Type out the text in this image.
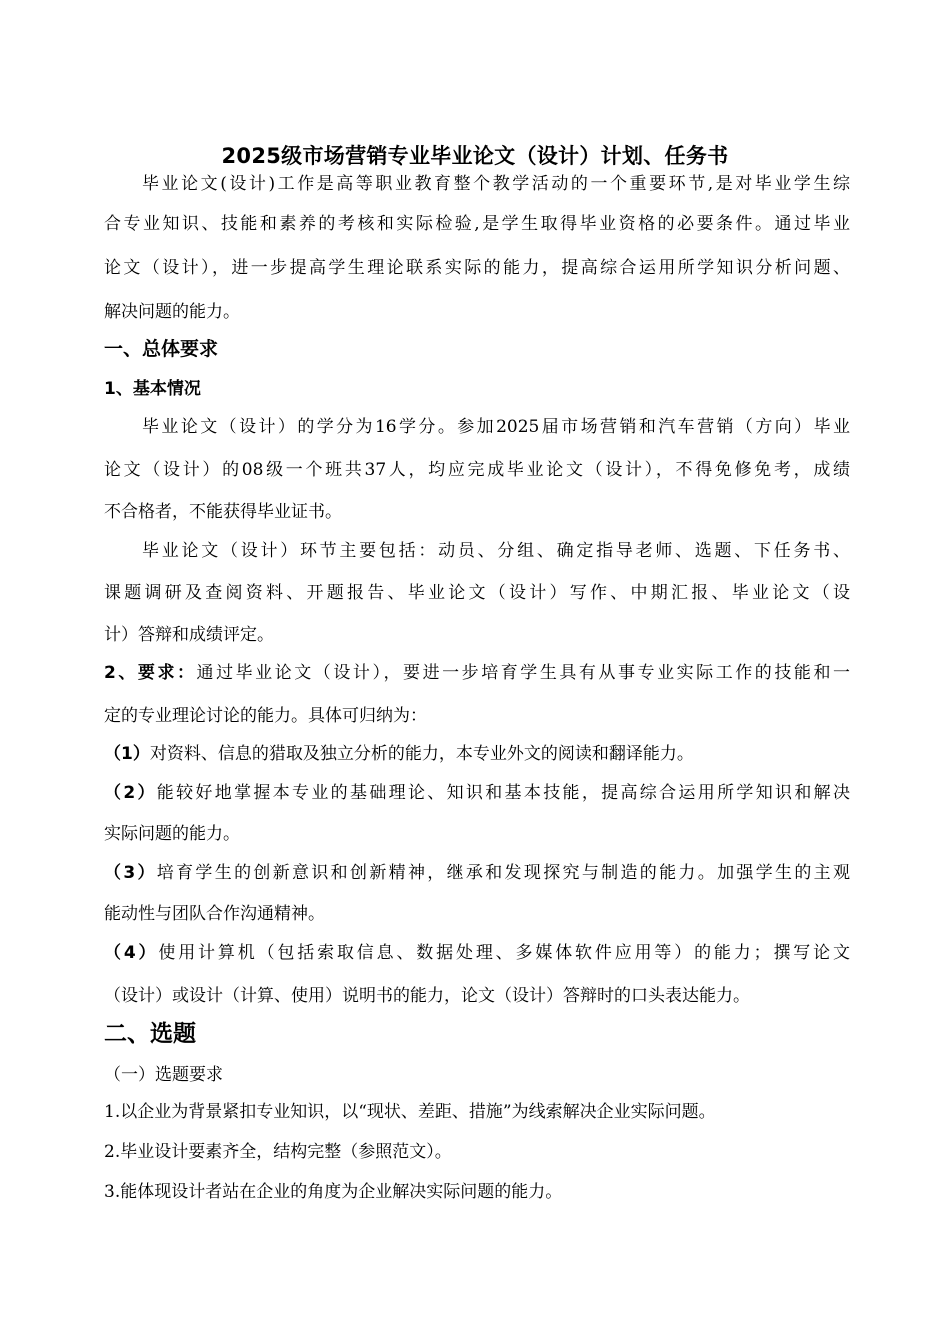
2025级市场营销专业毕业论文（设计）计划、任务书
毕业论文(设计)工作是高等职业教育整个教学活动的一个重要环节,是对毕业学生综
合专业知识、技能和素养的考核和实际检验,是学生取得毕业资格的必要条件。通过毕业
论文（设计），进一步提高学生理论联系实际的能力，提高综合运用所学知识分析问题、
解决问题的能力。
一、总体要求
1、基本情况
毕业论文（设计）的学分为16学分。参加2025届市场营销和汽车营销（方向）毕业
论文（设计）的08级一个班共37人，均应完成毕业论文（设计），不得免修免考，成绩
不合格者，不能获得毕业证书。
毕业论文（设计）环节主要包括：动员、分组、确定指导老师、选题、下任务书、
课题调研及查阅资料、开题报告、毕业论文（设计）写作、中期汇报、毕业论文（设
计）答辩和成绩评定。
2、要求：通过毕业论文（设计），要进一步培育学生具有从事专业实际工作的技能和一
定的专业理论讨论的能力。具体可归纳为：
（1）对资料、信息的猎取及独立分析的能力，本专业外文的阅读和翻译能力。
（2）能较好地掌握本专业的基础理论、知识和基本技能，提高综合运用所学知识和解决
实际问题的能力。
（3）培育学生的创新意识和创新精神，继承和发现探究与制造的能力。加强学生的主观
能动性与团队合作沟通精神。
（4）使用计算机（包括索取信息、数据处理、多媒体软件应用等）的能力；撰写论文
（设计）或设计（计算、使用）说明书的能力，论文（设计）答辩时的口头表达能力。
二、选题
（一）选题要求
1.以企业为背景紧扣专业知识，以“现状、差距、措施”为线索解决企业实际问题。
2.毕业设计要素齐全，结构完整（参照范文）。
3.能体现设计者站在企业的角度为企业解决实际问题的能力。
